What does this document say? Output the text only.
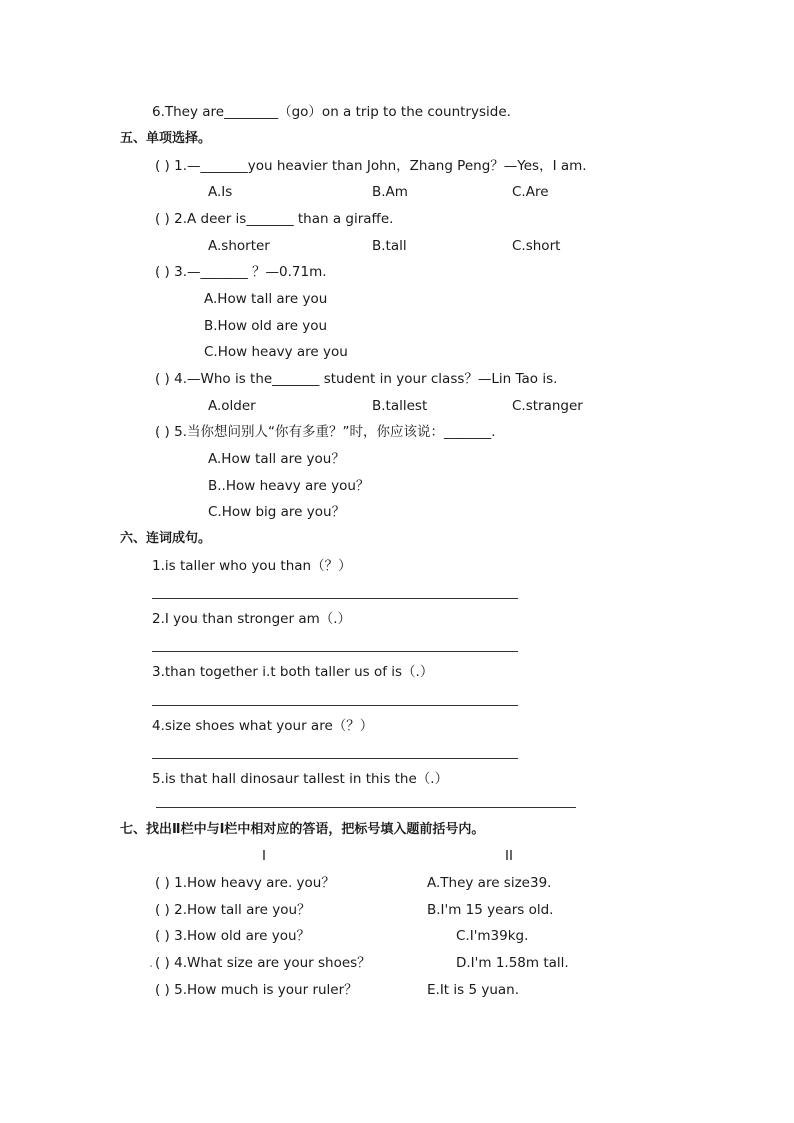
6.They are________（go）on a trip to the countryside.
五、单项选择。
( ) 1.—_______you heavier than John，Zhang Peng？—Yes，I am.
A.Is	B.Am	C.Are
( ) 2.A deer is_______ than a giraffe.
A.shorter	B.tall	C.short
( ) 3.—_______ ？—0.71m.
A.How tall are you
B.How old are you
C.How heavy are you
( ) 4.—Who is the_______ student in your class？—Lin Tao is.
A.older	B.tallest	C.stranger
( ) 5.当你想问别人“你有多重？”时，你应该说：_______.
A.How tall are you？
B..How heavy are you？
C.How big are you？
六、连词成句。
1.is taller who you than（？）
2.I you than stronger am（.）
3.than together i.t both taller us of is（.）
4.size shoes what your are（？）
5.is that hall dinosaur tallest in this the（.）
七、找出Ⅱ栏中与Ⅰ栏中相对应的答语，把标号填入题前括号内。
I	II
( ) 1.How heavy are. you？	A.They are size39.
( ) 2.How tall are you？	B.I'm 15 years old.
( ) 3.How old are you？	C.I'm39kg.
. ( ) 4.What size are your shoes？	D.I'm 1.58m tall.
( ) 5.How much is your ruler？	E.It is 5 yuan.
